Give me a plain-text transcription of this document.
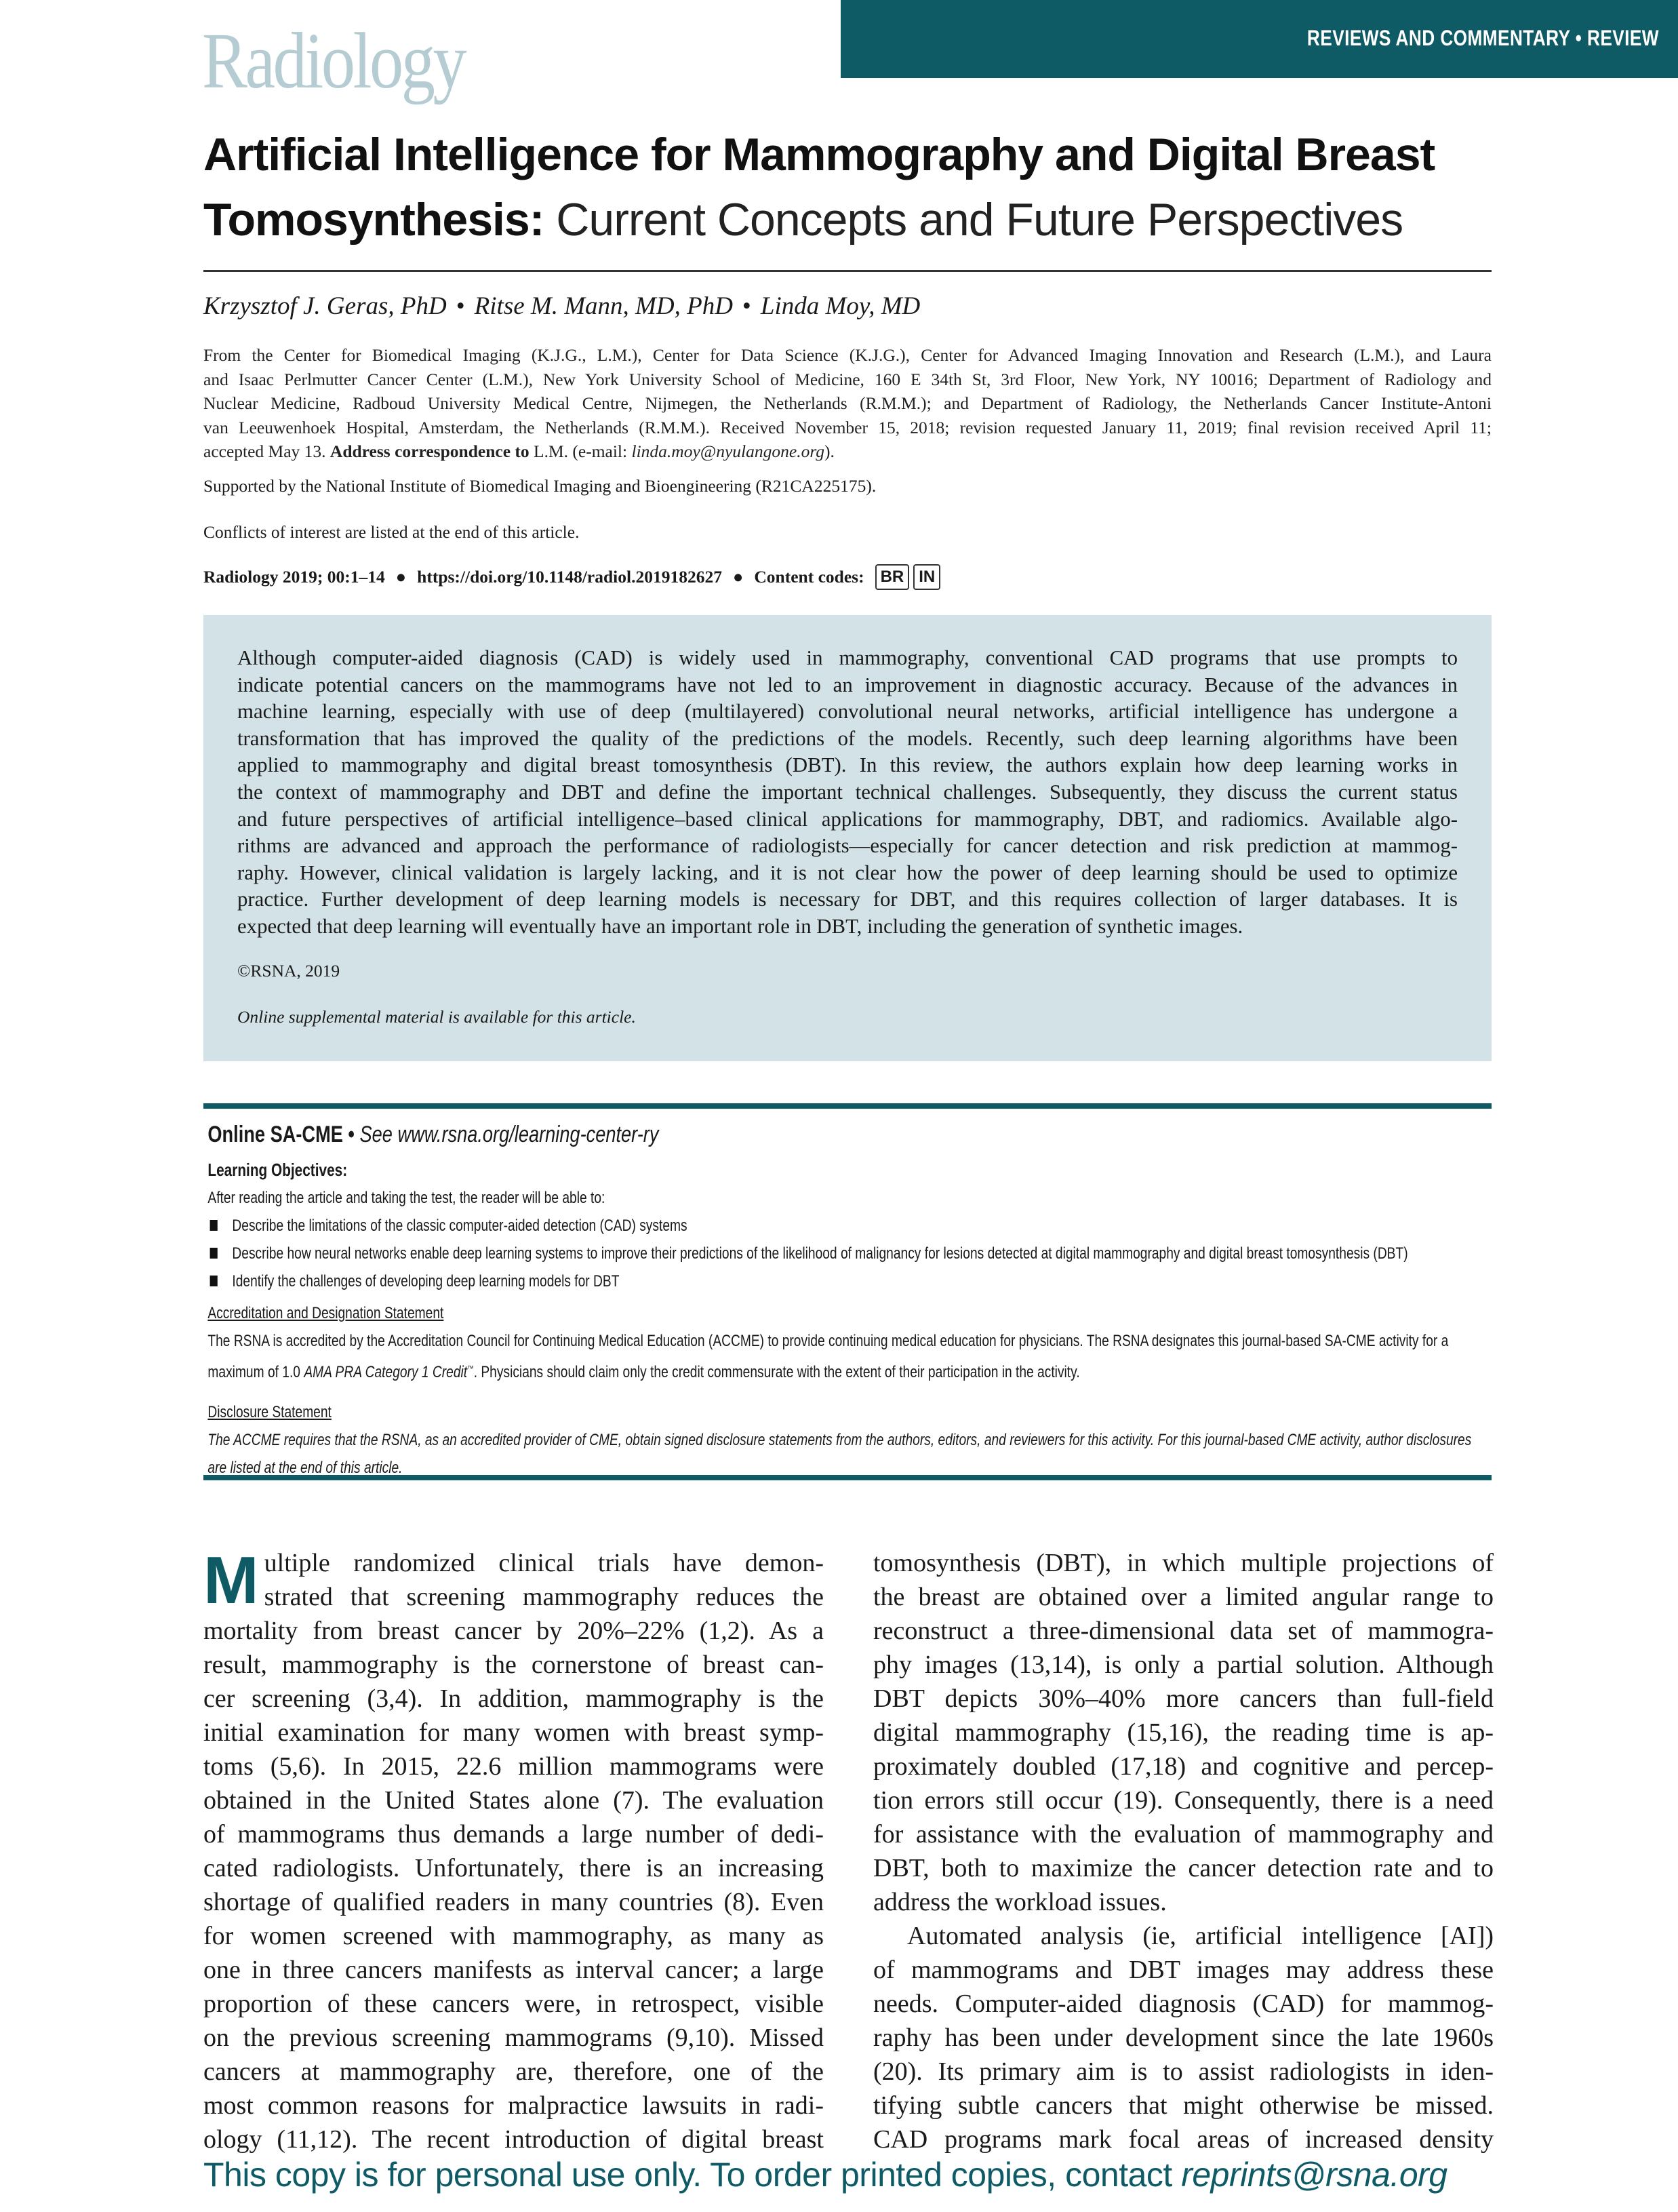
REVIEWS AND COMMENTARY • REVIEW
Radiology
Artificial Intelligence for Mammography and Digital Breast
Tomosynthesis: Current Concepts and Future Perspectives
Krzysztof J. Geras, PhD • Ritse M. Mann, MD, PhD • Linda Moy, MD
From the Center for Biomedical Imaging (K.J.G., L.M.), Center for Data Science (K.J.G.), Center for Advanced Imaging Innovation and Research (L.M.), and Laura
and Isaac Perlmutter Cancer Center (L.M.), New York University School of Medicine, 160 E 34th St, 3rd Floor, New York, NY 10016; Department of Radiology and
Nuclear Medicine, Radboud University Medical Centre, Nijmegen, the Netherlands (R.M.M.); and Department of Radiology, the Netherlands Cancer Institute-Antoni
van Leeuwenhoek Hospital, Amsterdam, the Netherlands (R.M.M.). Received November 15, 2018; revision requested January 11, 2019; final revision received April 11;
accepted May 13. Address correspondence to L.M. (e-mail: linda.moy@nyulangone.org).
Supported by the National Institute of Biomedical Imaging and Bioengineering (R21CA225175).
Conflicts of interest are listed at the end of this article.
Radiology 2019; 00:1–14 ● https://doi.org/10.1148/radiol.2019182627 ● Content codes:	BR IN
Although computer-aided diagnosis (CAD) is widely used in mammography, conventional CAD programs that use prompts to
indicate potential cancers on the mammograms have not led to an improvement in diagnostic accuracy. Because of the advances in
machine learning, especially with use of deep (multilayered) convolutional neural networks, artificial intelligence has undergone a
transformation that has improved the quality of the predictions of the models. Recently, such deep learning algorithms have been
applied to mammography and digital breast tomosynthesis (DBT). In this review, the authors explain how deep learning works in
the context of mammography and DBT and define the important technical challenges. Subsequently, they discuss the current status
and future perspectives of artificial intelligence–based clinical applications for mammography, DBT, and radiomics. Available algo-
rithms are advanced and approach the performance of radiologists—especially for cancer detection and risk prediction at mammog-
raphy. However, clinical validation is largely lacking, and it is not clear how the power of deep learning should be used to optimize
practice. Further development of deep learning models is necessary for DBT, and this requires collection of larger databases. It is
expected that deep learning will eventually have an important role in DBT, including the generation of synthetic images.
©RSNA, 2019
Online supplemental material is available for this article.
Online SA-CME • See www.rsna.org/learning-center-ry
Learning Objectives:
After reading the article and taking the test, the reader will be able to:
Describe the limitations of the classic computer-aided detection (CAD) systems
Describe how neural networks enable deep learning systems to improve their predictions of the likelihood of malignancy for lesions detected at digital mammography and digital breast tomosynthesis (DBT)
Identify the challenges of developing deep learning models for DBT
Accreditation and Designation Statement
The RSNA is accredited by the Accreditation Council for Continuing Medical Education (ACCME) to provide continuing medical education for physicians. The RSNA designates this journal-based SA-CME activity for a
maximum of 1.0 AMA PRA Category 1 Credit™. Physicians should claim only the credit commensurate with the extent of their participation in the activity.
Disclosure Statement
The ACCME requires that the RSNA, as an accredited provider of CME, obtain signed disclosure statements from the authors, editors, and reviewers for this activity. For this journal-based CME activity, author disclosures are listed at the end of this article.
M ultiple randomized clinical trials have demon-
strated that screening mammography reduces the
mortality from breast cancer by 20%–22% (1,2). As a
result, mammography is the cornerstone of breast can-
cer screening (3,4). In addition, mammography is the
initial examination for many women with breast symp-
toms (5,6). In 2015, 22.6 million mammograms were
obtained in the United States alone (7). The evaluation
of mammograms thus demands a large number of dedi-
cated radiologists. Unfortunately, there is an increasing
shortage of qualified readers in many countries (8). Even
for women screened with mammography, as many as
one in three cancers manifests as interval cancer; a large
proportion of these cancers were, in retrospect, visible
on the previous screening mammograms (9,10). Missed
cancers at mammography are, therefore, one of the
most common reasons for malpractice lawsuits in radi-
ology (11,12). The recent introduction of digital breast
tomosynthesis (DBT), in which multiple projections of
the breast are obtained over a limited angular range to
reconstruct a three-dimensional data set of mammogra-
phy images (13,14), is only a partial solution. Although
DBT depicts 30%–40% more cancers than full-field
digital mammography (15,16), the reading time is ap-
proximately doubled (17,18) and cognitive and percep-
tion errors still occur (19). Consequently, there is a need
for assistance with the evaluation of mammography and
DBT, both to maximize the cancer detection rate and to
address the workload issues.
Automated analysis (ie, artificial intelligence [AI])
of mammograms and DBT images may address these
needs. Computer-aided diagnosis (CAD) for mammog-
raphy has been under development since the late 1960s
(20). Its primary aim is to assist radiologists in iden-
tifying subtle cancers that might otherwise be missed.
CAD programs mark focal areas of increased density
This copy is for personal use only. To order printed copies, contact reprints@rsna.org
